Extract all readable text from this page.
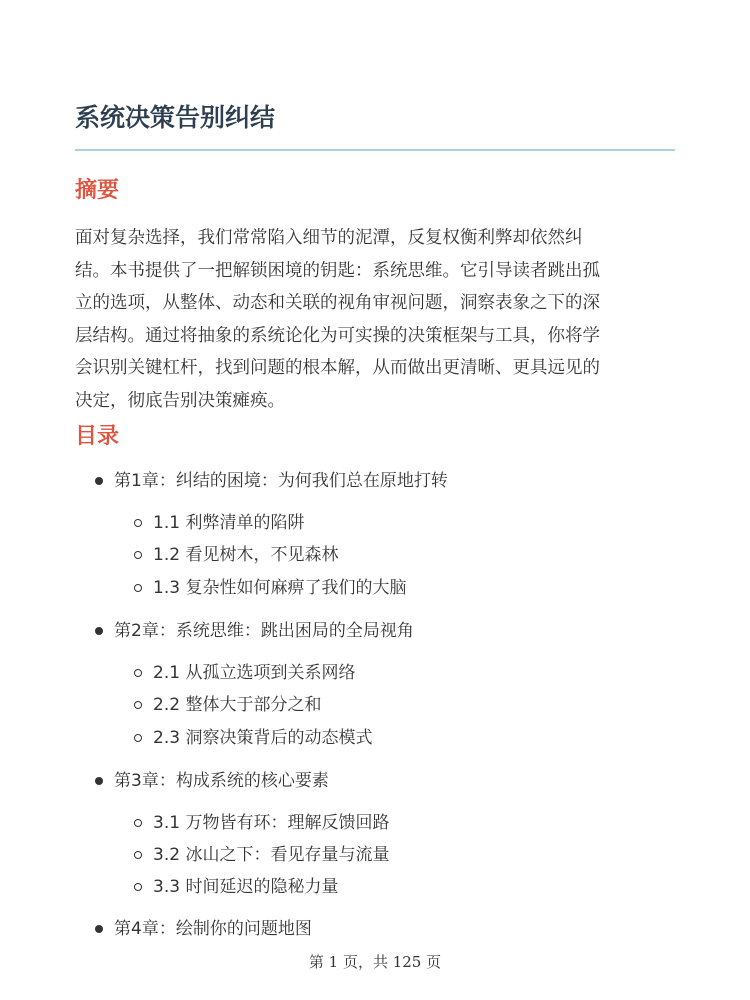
系统决策告别纠结
摘要

面对复杂选择，我们常常陷入细节的泥潭，反复权衡利弊却依然纠
结。本书提供了一把解锁困境的钥匙：系统思维。它引导读者跳出孤
立的选项，从整体、动态和关联的视角审视问题，洞察表象之下的深
层结构。通过将抽象的系统论化为可实操的决策框架与工具，你将学
会识别关键杠杆，找到问题的根本解，从而做出更清晰、更具远见的
决定，彻底告别决策瘫痪。

目录
第1章：纠结的困境：为何我们总在原地打转
1.1 利弊清单的陷阱
1.2 看见树木，不见森林
1.3 复杂性如何麻痹了我们的大脑
第2章：系统思维：跳出困局的全局视角
2.1 从孤立选项到关系网络
2.2 整体大于部分之和
2.3 洞察决策背后的动态模式
第3章：构成系统的核心要素
3.1 万物皆有环：理解反馈回路
3.2 冰山之下：看见存量与流量
3.3 时间延迟的隐秘力量
第4章：绘制你的问题地图
第 1 页，共 125 页
